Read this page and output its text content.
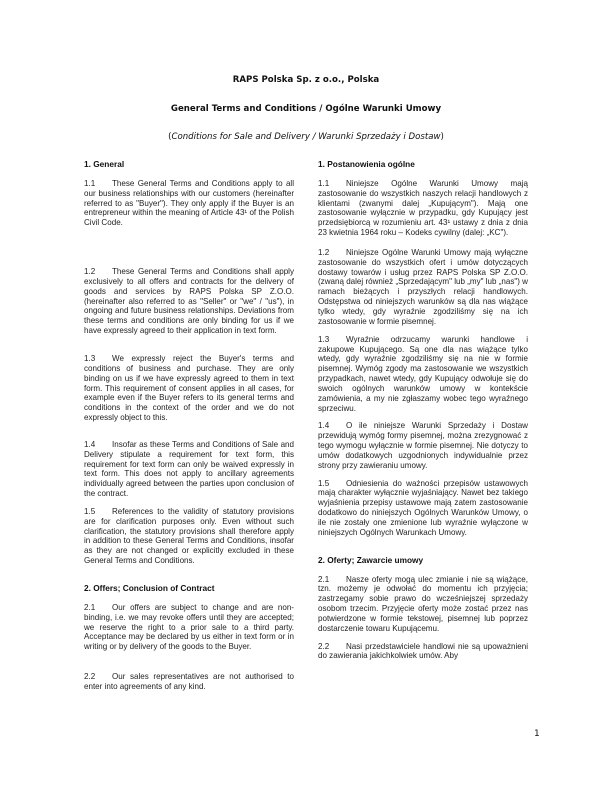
RAPS Polska Sp. z o.o., Polska
General Terms and Conditions / Ogólne Warunki Umowy
(Conditions for Sale and Delivery / Warunki Sprzedaży i Dostaw)
1. General

1.1 These General Terms and Conditions apply to all our business relationships with our customers (hereinafter referred to as "Buyer"). They only apply if the Buyer is an entrepreneur within the meaning of Article 43¹ of the Polish Civil Code.

1.2 These General Terms and Conditions shall apply exclusively to all offers and contracts for the delivery of goods and services by RAPS Polska SP Z.O.O. (hereinafter also referred to as "Seller" or "we" / "us"), in ongoing and future business relationships. Deviations from these terms and conditions are only binding for us if we have expressly agreed to their application in text form.

1.3 We expressly reject the Buyer's terms and conditions of business and purchase. They are only binding on us if we have expressly agreed to them in text form. This requirement of consent applies in all cases, for example even if the Buyer refers to its general terms and conditions in the context of the order and we do not expressly object to this.

1.4 Insofar as these Terms and Conditions of Sale and Delivery stipulate a requirement for text form, this requirement for text form can only be waived expressly in text form. This does not apply to ancillary agreements individually agreed between the parties upon conclusion of the contract.

1.5 References to the validity of statutory provisions are for clarification purposes only. Even without such clarification, the statutory provisions shall therefore apply in addition to these General Terms and Conditions, insofar as they are not changed or explicitly excluded in these General Terms and Conditions.

2. Offers; Conclusion of Contract

2.1 Our offers are subject to change and are non-binding, i.e. we may revoke offers until they are accepted; we reserve the right to a prior sale to a third party. Acceptance may be declared by us either in text form or in writing or by delivery of the goods to the Buyer.

2.2 Our sales representatives are not authorised to enter into agreements of any kind.

1. Postanowienia ogólne

1.1 Niniejsze Ogólne Warunki Umowy mają zastosowanie do wszystkich naszych relacji handlowych z klientami (zwanymi dalej „Kupującym"). Mają one zastosowanie wyłącznie w przypadku, gdy Kupujący jest przedsiębiorcą w rozumieniu art. 43¹ ustawy z dnia z dnia 23 kwietnia 1964 roku – Kodeks cywilny (dalej: „KC").

1.2 Niniejsze Ogólne Warunki Umowy mają wyłączne zastosowanie do wszystkich ofert i umów dotyczących dostawy towarów i usług przez RAPS Polska SP Z.O.O. (zwaną dalej również „Sprzedającym" lub „my" lub „nas") w ramach bieżących i przyszłych relacji handlowych. Odstępstwa od niniejszych warunków są dla nas wiążące tylko wtedy, gdy wyraźnie zgodziliśmy się na ich zastosowanie w formie pisemnej.

1.3 Wyraźnie odrzucamy warunki handlowe i zakupowe Kupującego. Są one dla nas wiążące tylko wtedy, gdy wyraźnie zgodziliśmy się na nie w formie pisemnej. Wymóg zgody ma zastosowanie we wszystkich przypadkach, nawet wtedy, gdy Kupujący odwołuje się do swoich ogólnych warunków umowy w kontekście zamówienia, a my nie zgłaszamy wobec tego wyraźnego sprzeciwu.

1.4 O ile niniejsze Warunki Sprzedaży i Dostaw przewidują wymóg formy pisemnej, można zrezygnować z tego wymogu wyłącznie w formie pisemnej. Nie dotyczy to umów dodatkowych uzgodnionych indywidualnie przez strony przy zawieraniu umowy.

1.5 Odniesienia do ważności przepisów ustawowych mają charakter wyłącznie wyjaśniający. Nawet bez takiego wyjaśnienia przepisy ustawowe mają zatem zastosowanie dodatkowo do niniejszych Ogólnych Warunków Umowy, o ile nie zostały one zmienione lub wyraźnie wyłączone w niniejszych Ogólnych Warunkach Umowy.

2. Oferty; Zawarcie umowy

2.1 Nasze oferty mogą ulec zmianie i nie są wiążące, tzn. możemy je odwołać do momentu ich przyjęcia; zastrzegamy sobie prawo do wcześniejszej sprzedaży osobom trzecim. Przyjęcie oferty może zostać przez nas potwierdzone w formie tekstowej, pisemnej lub poprzez dostarczenie towaru Kupującemu.

2.2 Nasi przedstawiciele handlowi nie są upoważnieni do zawierania jakichkolwiek umów. Aby

1
